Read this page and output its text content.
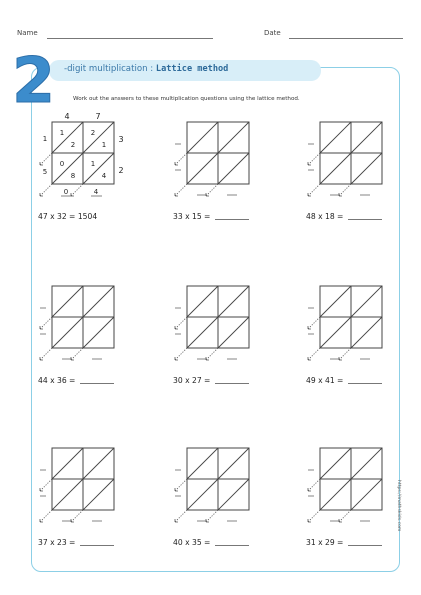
Name	Date
2 -digit multiplication : Lattice method
Work out the answers to these multiplication questions using the lattice method.
4	7
3
2
1
2
2
1
0
8
1
4
1
5
0	4
47 x 32 = 1504	33 x 15 =	48 x 18 =
44 x 36 =	30 x 27 =	49 x 41 =
37 x 23 =	40 x 35 =	31 x 29 =
https://mathskids.com
